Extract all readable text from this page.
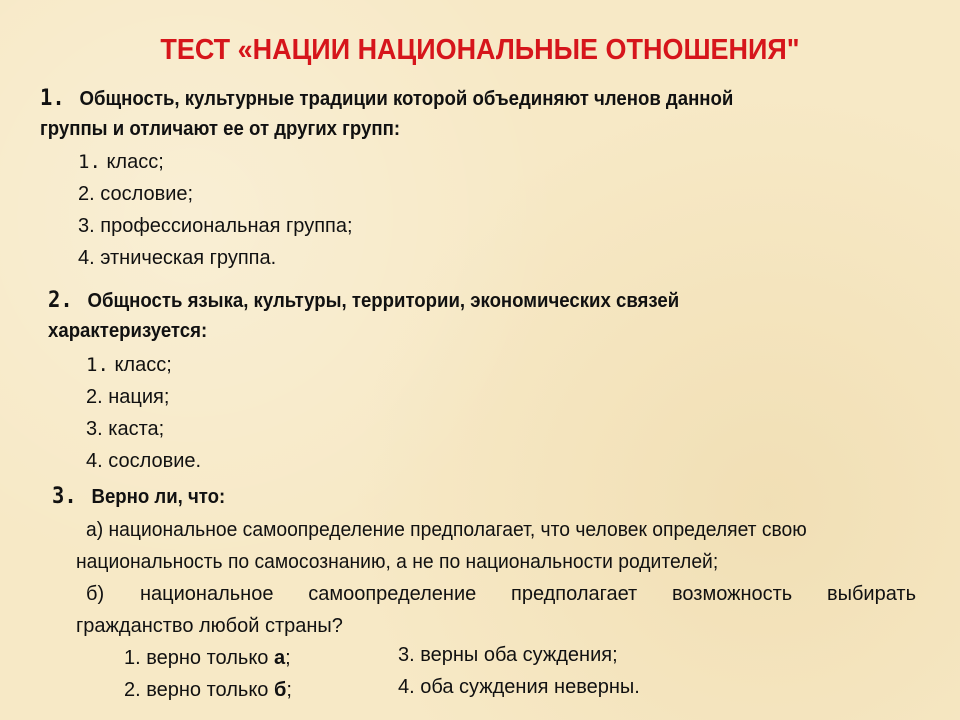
ТЕСТ «НАЦИИ НАЦИОНАЛЬНЫЕ ОТНОШЕНИЯ"
1. Общность, культурные традиции которой объединяют членов данной
группы и отличают ее от других групп:
1. класс;
2. сословие;
3. профессиональная группа;
4. этническая группа.
2. Общность языка, культуры, территории, экономических связей
характеризуется:
1. класс;
2. нация;
3. каста;
4. сословие.
3. Верно ли, что:
а) национальное самоопределение предполагает, что человек определяет свою
национальность по самосознанию, а не по национальности родителей;
б) национальное самоопределение предполагает возможность выбирать
гражданство любой страны?
1. верно только а;
2. верно только б;
3. верны оба суждения;
4. оба суждения неверны.
